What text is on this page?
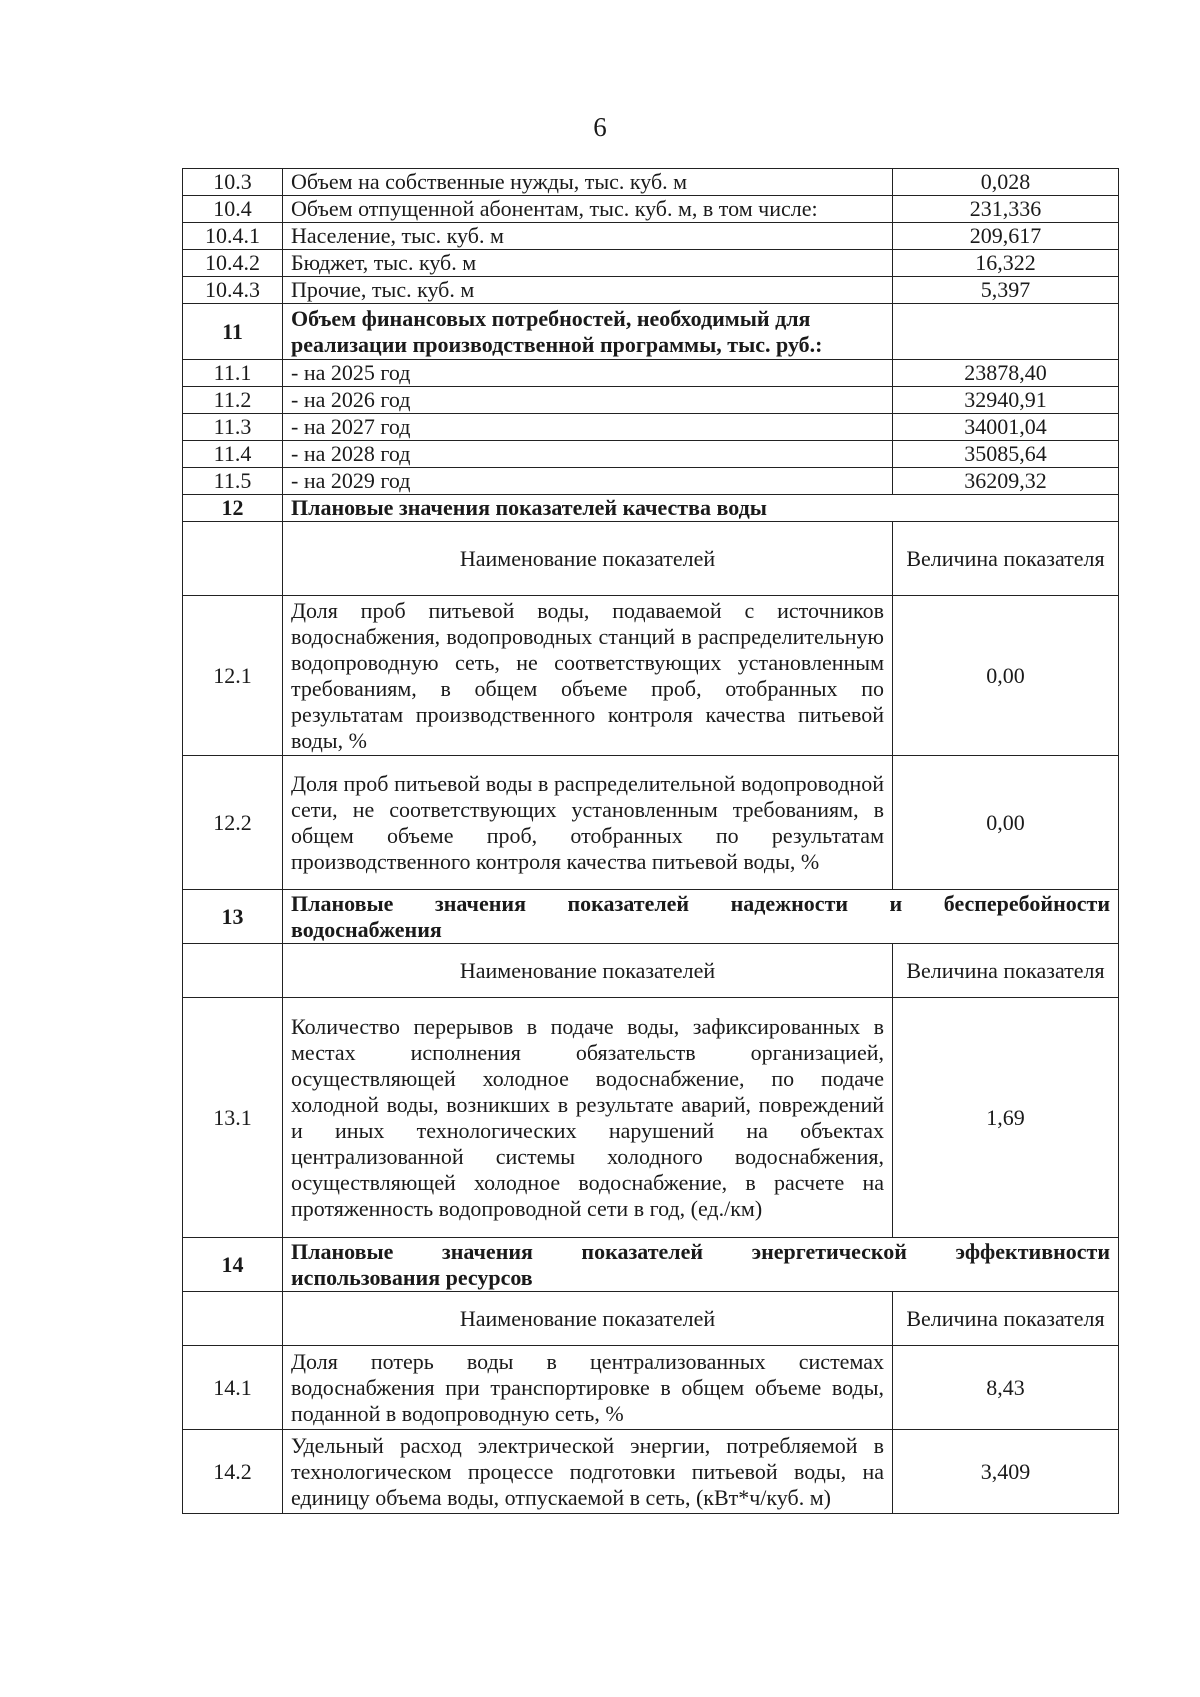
6
10.3	Объем на собственные нужды, тыс. куб. м	0,028
10.4	Объем отпущенной абонентам, тыс. куб. м, в том числе:	231,336
10.4.1	Население, тыс. куб. м	209,617
10.4.2	Бюджет, тыс. куб. м	16,322
10.4.3	Прочие, тыс. куб. м	5,397
11	Объем финансовых потребностей, необходимый для реализации производственной программы, тыс. руб.:	
11.1	- на 2025 год	23878,40
11.2	- на 2026 год	32940,91
11.3	- на 2027 год	34001,04
11.4	- на 2028 год	35085,64
11.5	- на 2029 год	36209,32
12	Плановые значения показателей качества воды	
	Наименование показателей	Величина показателя
12.1	Доля проб питьевой воды, подаваемой с источников водоснабжения, водопроводных станций в распределительную водопроводную сеть, не соответствующих установленным требованиям, в общем объеме проб, отобранных по результатам производственного контроля качества питьевой воды, %	0,00
12.2	Доля проб питьевой воды в распределительной водопроводной сети, не соответствующих установленным требованиям, в общем объеме проб, отобранных по результатам производственного контроля качества питьевой воды, %	0,00
13	Плановые значения показателей надежности и бесперебойности
водоснабжения	

	Наименование показателей	Величина показателя
13.1	Количество перерывов в подаче воды, зафиксированных в местах исполнения обязательств организацией, осуществляющей холодное водоснабжение, по подаче холодной воды, возникших в результате аварий, повреждений и иных технологических нарушений на объектах централизованной системы холодного водоснабжения, осуществляющей холодное водоснабжение, в расчете на протяженность водопроводной сети в год, (ед./км)	1,69
14	Плановые значения показателей энергетической эффективности
использования ресурсов	

	Наименование показателей	Величина показателя
14.1	Доля потерь воды в централизованных системах водоснабжения при транспортировке в общем объеме воды, поданной в водопроводную сеть, %	8,43
14.2	Удельный расход электрической энергии, потребляемой в технологическом процессе подготовки питьевой воды, на единицу объема воды, отпускаемой в сеть, (кВт*ч/куб. м)	3,409
